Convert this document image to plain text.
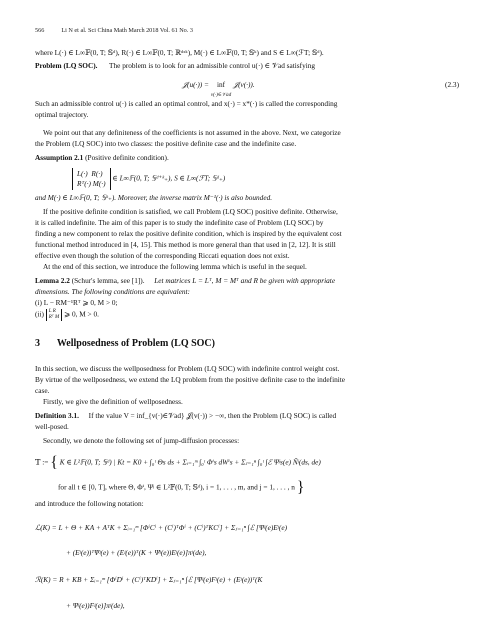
566	Li N et al. Sci China Math March 2018 Vol. 61 No. 3
where L(·) ∈ L∞𝔽(0, T; 𝕊ᵈ), R(·) ∈ L∞𝔽(0, T; ℝᵈˣᵏ), M(·) ∈ L∞𝔽(0, T; 𝕊ᵏ) and S ∈ L∞(ℱT; 𝕊ᵈ).
Problem (LQ SOC). The problem is to look for an admissible control u(·) ∈ 𝒱ad satisfying
𝒥(u(·)) = inf
v(·)∈𝒱ad 𝒥(v(·)).	(2.3)
Such an admissible control u(·) is called an optimal control, and x(·) = x*(·) is called the corresponding
optimal trajectory.
We point out that any definiteness of the coefficients is not assumed in the above. Next, we categorize
the Problem (LQ SOC) into two classes: the positive definite case and the indefinite case.
Assumption 2.1 (Positive definite condition).
L(·) R(·)
Rᵀ(·) M(·) ∈ L∞𝔽(0, T; 𝕊ᵈ⁺ᵏ₊), S ∈ L∞(ℱT; 𝕊ᵈ₊)
and M(·) ∈ L∞𝔽(0, T; 𝕊ᵏ₊). Moreover, the inverse matrix M⁻¹(·) is also bounded.
If the positive definite condition is satisfied, we call Problem (LQ SOC) positive definite. Otherwise,
it is called indefinite. The aim of this paper is to study the indefinite case of Problem (LQ SOC) by
finding a new component to relax the positive definite condition, which is inspired by the equivalent cost
functional method introduced in [4, 15]. This method is more general than that used in [2, 12]. It is still
effective even though the solution of the corresponding Riccati equation does not exist.
At the end of this section, we introduce the following lemma which is useful in the sequel.
Lemma 2.2 (Schur's lemma, see [1]). Let matrices L = Lᵀ, M = Mᵀ and R be given with appropriate
dimensions. The following conditions are equivalent:
(i) L − RM⁻¹Rᵀ ⩾ 0, M > 0;
(ii) L R
Rᵀ M ⩾ 0, M > 0.
3 Wellposedness of Problem (LQ SOC)
In this section, we discuss the wellposedness for Problem (LQ SOC) with indefinite control weight cost.
By virtue of the wellposedness, we extend the LQ problem from the positive definite case to the indefinite
case.
Firstly, we give the definition of wellposedness.
Definition 3.1. If the value V = inf_{v(·)∈𝒱ad} 𝒥(v(·)) > −∞, then the Problem (LQ SOC) is called
well-posed.
Secondly, we denote the following set of jump-diffusion processes:
𝕋 := { K ∈ L²𝔽(0, T; 𝕊ᵈ) | Kt = K0 + ∫₀ᵗ Θs ds + Σᵢ₌₁ᵐ ∫₀ᵗ Φⁱs dWⁱs + Σⱼ₌₁ⁿ ∫₀ᵗ ∫ℰ Ψʲs(e) Ñʲ(ds, de)
for all t ∈ [0, T], where Θ, Φⁱ, Ψʲ ∈ L²𝔽(0, T; 𝕊ᵈ), i = 1, . . . , m, and j = 1, . . . , n }
and introduce the following notation:
ℒ(K) = L + Θ + KA + AᵀK + Σᵢ₌₁ᵐ [ΦⁱCⁱ + (Cⁱ)ᵀΦⁱ + (Cⁱ)ᵀKCⁱ] + Σⱼ₌₁ⁿ ∫ℰ [Ψʲ(e)Eʲ(e)
+ (Eʲ(e))ᵀΨʲ(e) + (Eʲ(e))ᵀ(K + Ψʲ(e))Eʲ(e)]πʲ(de),
ℛ(K) = R + KB + Σᵢ₌₁ᵐ [ΦⁱDⁱ + (Cⁱ)ᵀKDⁱ] + Σⱼ₌₁ⁿ ∫ℰ [Ψʲ(e)Fʲ(e) + (Eʲ(e))ᵀ(K
+ Ψʲ(e))Fʲ(e)]πʲ(de),
